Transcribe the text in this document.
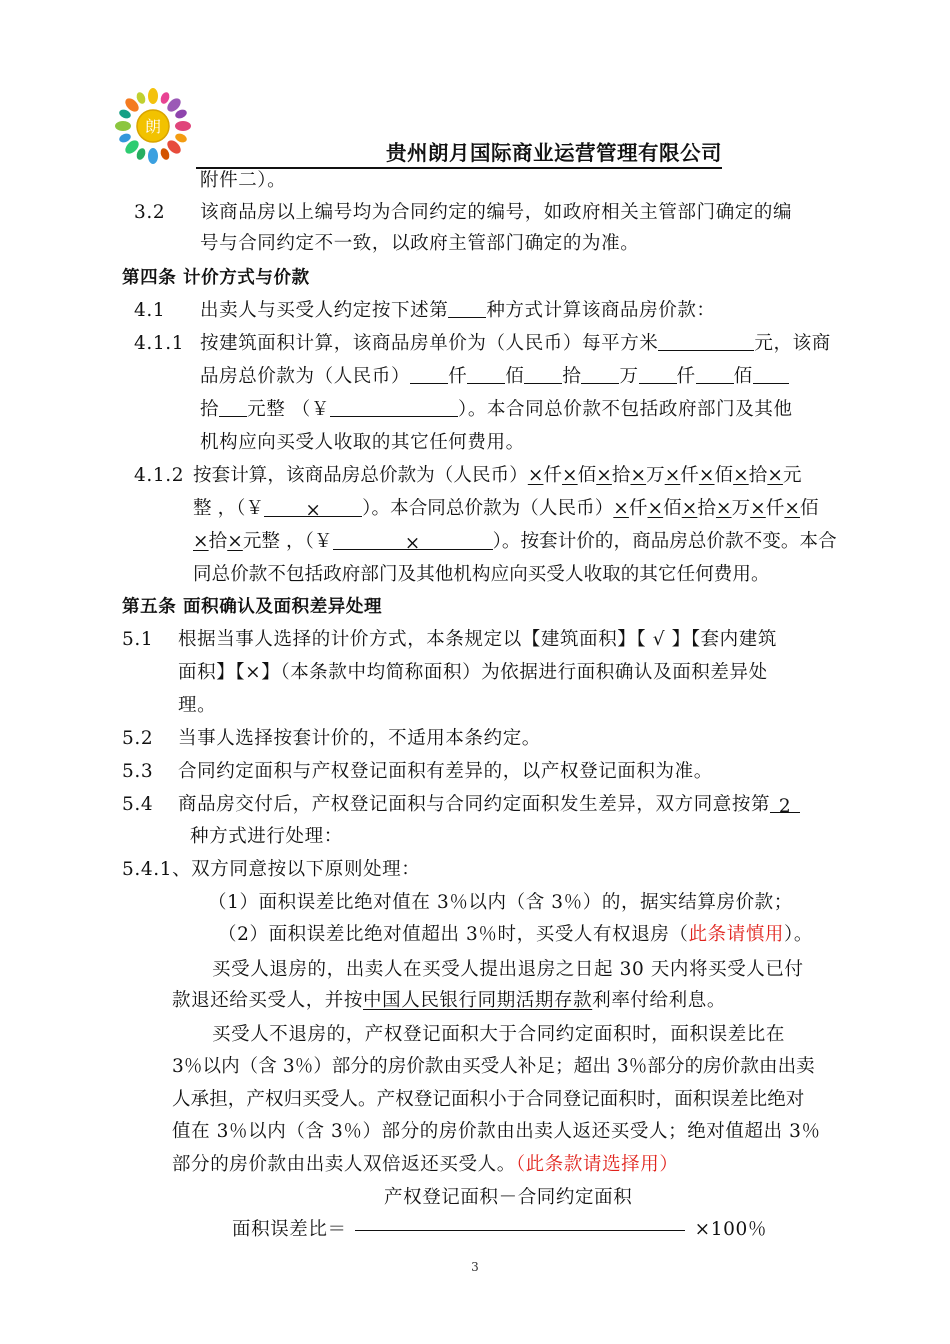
朗
贵州朗月国际商业运营管理有限公司
附件二）。
3.2 该商品房以上编号均为合同约定的编号，如政府相关主管部门确定的编
号与合同约定不一致，以政府主管部门确定的为准。
第四条 计价方式与价款
4.1 出卖人与买受人约定按下述第 种方式计算该商品房价款：
4.1.1 按建筑面积计算，该商品房单价为（人民币）每平方米	元，该商
品房总价款为（人民币） 仟 佰 拾 万 仟 佰
拾 元整 （￥	）。本合同总价款不包括政府部门及其他
机构应向买受人收取的其它任何费用。
4.1.2 按套计算，该商品房总价款为（人民币）×仟×佰×拾×万×仟×佰×拾×元
整 ，（￥ × ）。本合同总价款为（人民币）×仟×佰×拾×万×仟×佰
×拾×元整 ，（￥	×	）。按套计价的，商品房总价款不变。本合
同总价款不包括政府部门及其他机构应向买受人收取的其它任何费用。
第五条 面积确认及面积差异处理
5.1 根据当事人选择的计价方式，本条规定以【建筑面积】【 √ 】【套内建筑
面积】【×】（本条款中均简称面积）为依据进行面积确认及面积差异处
理。
5.2 当事人选择按套计价的，不适用本条约定。
5.3 合同约定面积与产权登记面积有差异的，以产权登记面积为准。
5.4 商品房交付后，产权登记面积与合同约定面积发生差异，双方同意按第2
种方式进行处理：
5.4.1、双方同意按以下原则处理：
（1）面积误差比绝对值在 3％以内（含 3％）的，据实结算房价款；
（2）面积误差比绝对值超出 3％时，买受人有权退房（此条请慎用）。
买受人退房的，出卖人在买受人提出退房之日起 30 天内将买受人已付
款退还给买受人，并按中国人民银行同期活期存款利率付给利息。
买受人不退房的，产权登记面积大于合同约定面积时，面积误差比在
3％以内（含 3％）部分的房价款由买受人补足；超出 3％部分的房价款由出卖
人承担，产权归买受人。产权登记面积小于合同登记面积时，面积误差比绝对
值在 3％以内（含 3％）部分的房价款由出卖人返还买受人；绝对值超出 3％
部分的房价款由出卖人双倍返还买受人。（此条款请选择用）
产权登记面积－合同约定面积
面积误差比＝	×100％
3
